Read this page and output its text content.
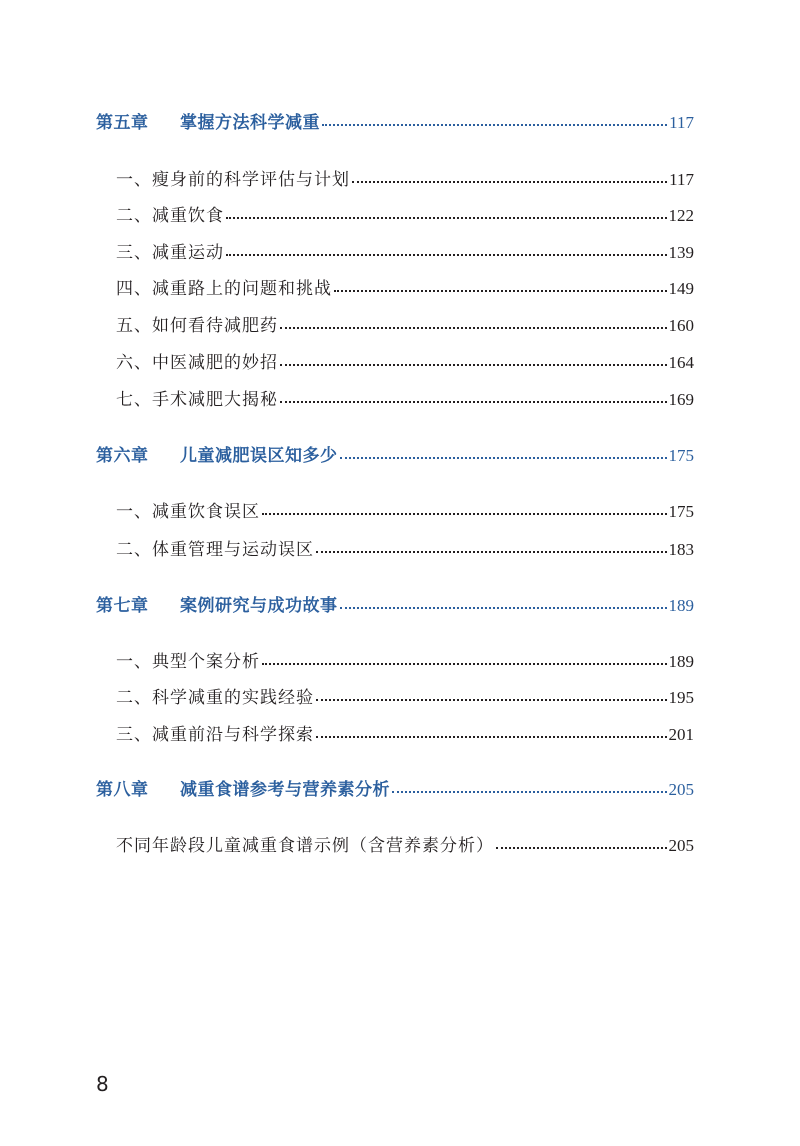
第五章 掌握方法科学减重	117
一、瘦身前的科学评估与计划	117
二、减重饮食	122
三、减重运动	139
四、减重路上的问题和挑战	149
五、如何看待减肥药	160
六、中医减肥的妙招	164
七、手术减肥大揭秘	169
第六章 儿童减肥误区知多少	175
一、减重饮食误区	175
二、体重管理与运动误区	183
第七章 案例研究与成功故事	189
一、典型个案分析	189
二、科学减重的实践经验	195
三、减重前沿与科学探索	201
第八章 减重食谱参考与营养素分析	205
不同年龄段儿童减重食谱示例（含营养素分析）	205
8
